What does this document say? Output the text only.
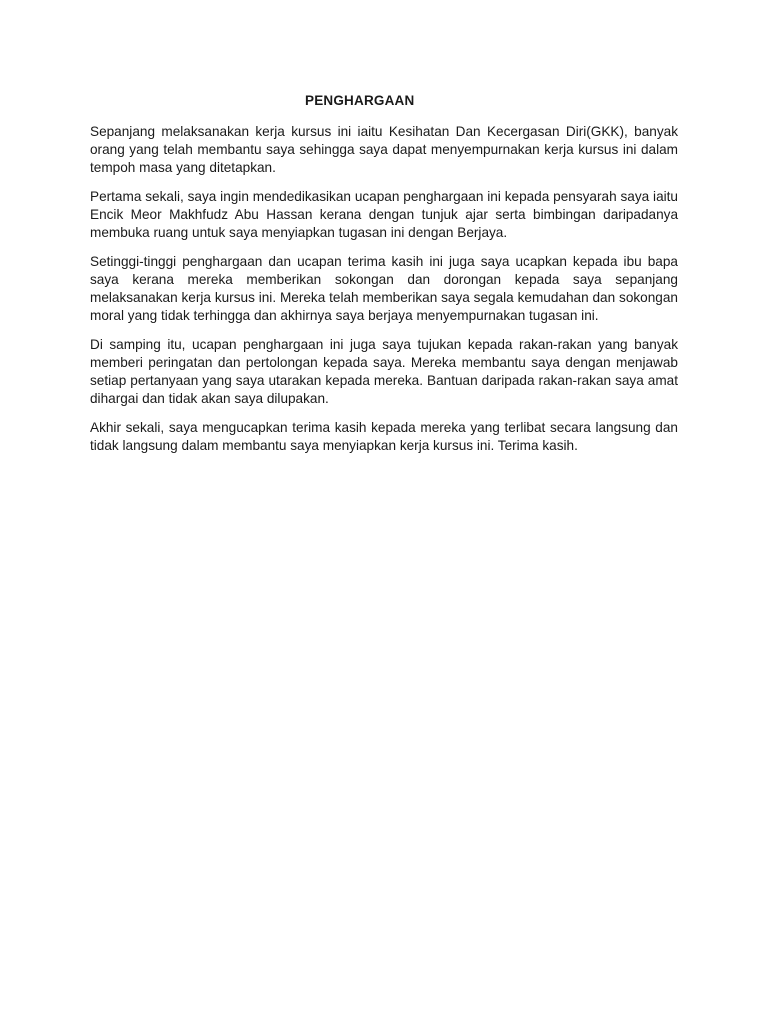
PENGHARGAAN

Sepanjang melaksanakan kerja kursus ini iaitu Kesihatan Dan Kecergasan Diri(GKK), banyak orang yang telah membantu saya sehingga saya dapat menyempurnakan kerja kursus ini dalam tempoh masa yang ditetapkan.

Pertama sekali, saya ingin mendedikasikan ucapan penghargaan ini kepada pensyarah saya iaitu Encik Meor Makhfudz Abu Hassan kerana dengan tunjuk ajar serta bimbingan daripadanya membuka ruang untuk saya menyiapkan tugasan ini dengan Berjaya.

Setinggi-tinggi penghargaan dan ucapan terima kasih ini juga saya ucapkan kepada ibu bapa saya kerana mereka memberikan sokongan dan dorongan kepada saya sepanjang melaksanakan kerja kursus ini. Mereka telah memberikan saya segala kemudahan dan sokongan moral yang tidak terhingga dan akhirnya saya berjaya menyempurnakan tugasan ini.

Di samping itu, ucapan penghargaan ini juga saya tujukan kepada rakan-rakan yang banyak memberi peringatan dan pertolongan kepada saya. Mereka membantu saya dengan menjawab setiap pertanyaan yang saya utarakan kepada mereka. Bantuan daripada rakan-rakan saya amat dihargai dan tidak akan saya dilupakan.

Akhir sekali, saya mengucapkan terima kasih kepada mereka yang terlibat secara langsung dan tidak langsung dalam membantu saya menyiapkan kerja kursus ini. Terima kasih.
